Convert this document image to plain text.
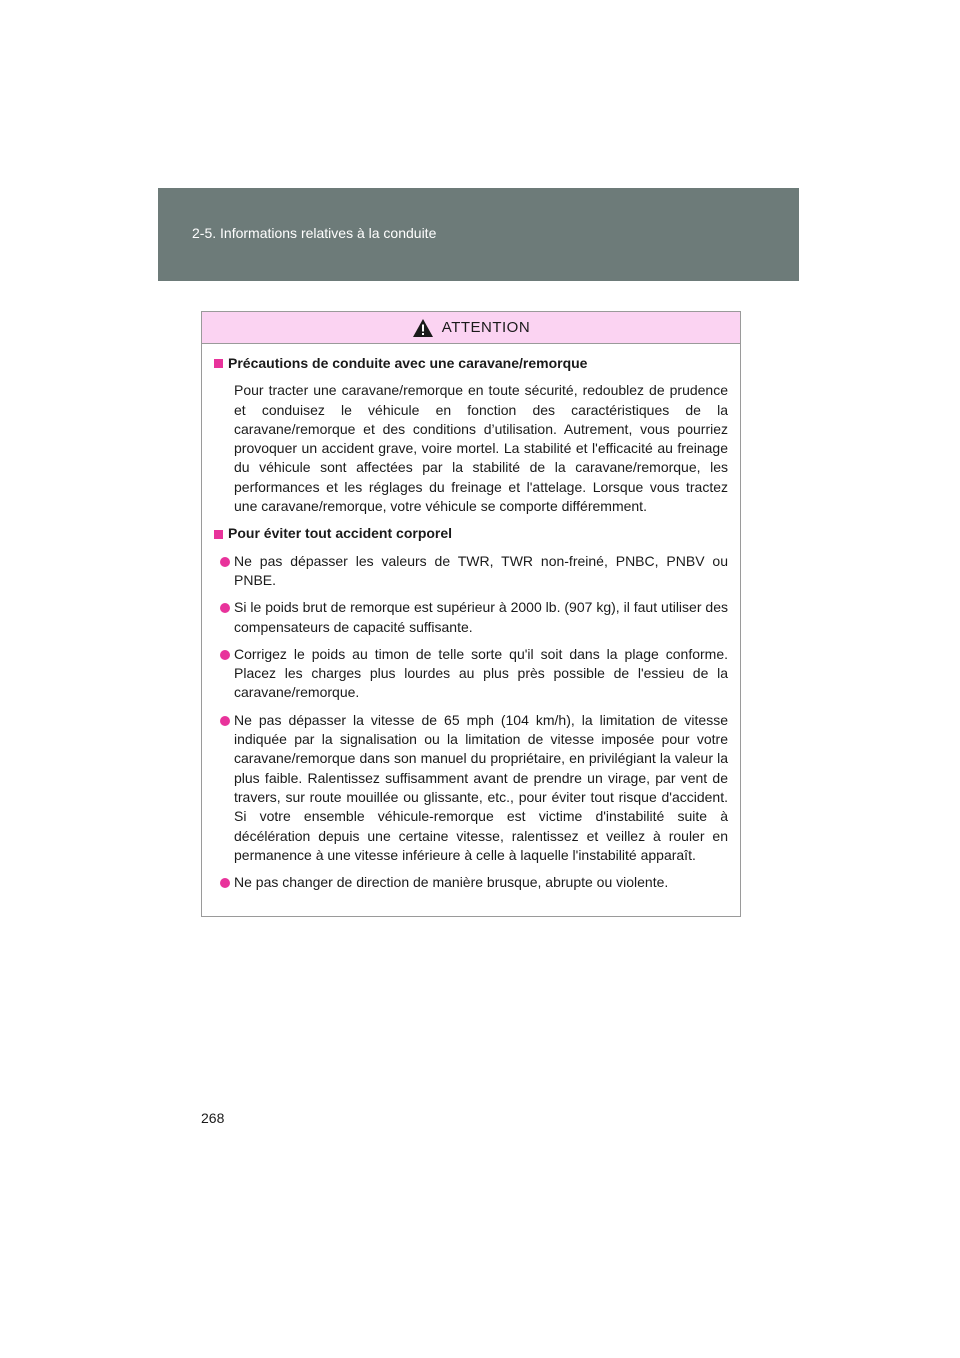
2-5. Informations relatives à la conduite
ATTENTION
Précautions de conduite avec une caravane/remorque
Pour tracter une caravane/remorque en toute sécurité, redoublez de prudence et conduisez le véhicule en fonction des caractéristiques de la caravane/remorque et des conditions d’utilisation. Autrement, vous pourriez provoquer un accident grave, voire mortel. La stabilité et l'efficacité au freinage du véhicule sont affectées par la stabilité de la caravane/remorque, les performances et les réglages du freinage et l'attelage. Lorsque vous tractez une caravane/remorque, votre véhicule se comporte différemment.
Pour éviter tout accident corporel
Ne pas dépasser les valeurs de TWR, TWR non-freiné, PNBC, PNBV ou PNBE.
Si le poids brut de remorque est supérieur à 2000 lb. (907 kg), il faut utiliser des compensateurs de capacité suffisante.
Corrigez le poids au timon de telle sorte qu'il soit dans la plage conforme. Placez les charges plus lourdes au plus près possible de l'essieu de la caravane/remorque.
Ne pas dépasser la vitesse de 65 mph (104 km/h), la limitation de vitesse indiquée par la signalisation ou la limitation de vitesse imposée pour votre caravane/remorque dans son manuel du propriétaire, en privilégiant la valeur la plus faible. Ralentissez suffisamment avant de prendre un virage, par vent de travers, sur route mouillée ou glissante, etc., pour éviter tout risque d'accident. Si votre ensemble véhicule-remorque est victime d'instabilité suite à décélération depuis une certaine vitesse, ralentissez et veillez à rouler en permanence à une vitesse inférieure à celle à laquelle l'instabilité apparaît.
Ne pas changer de direction de manière brusque, abrupte ou violente.
268
